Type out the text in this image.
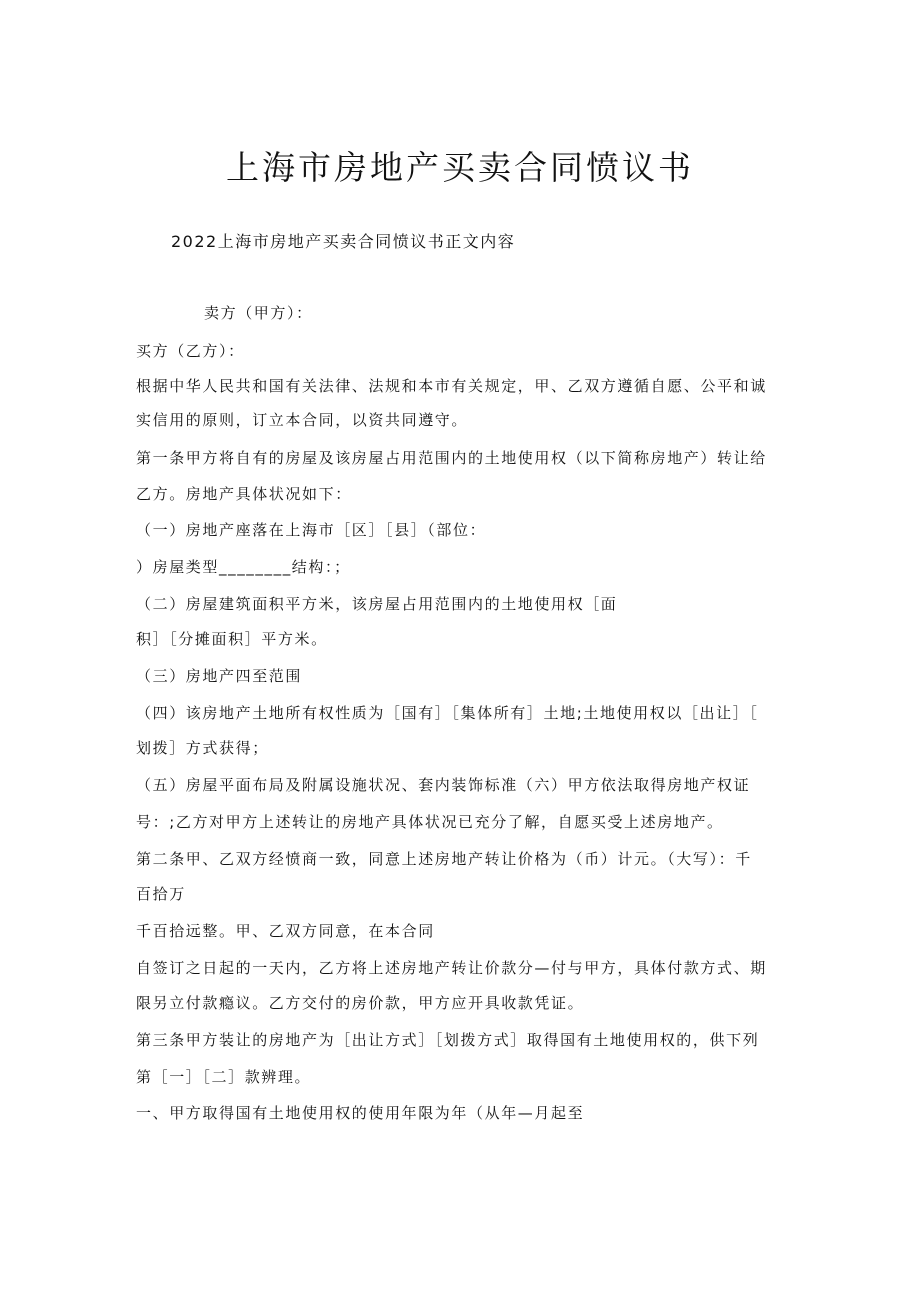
上海市房地产买卖合同愤议书
2022上海市房地产买卖合同愤议书正文内容
卖方（甲方）：
买方（乙方）：
根据中华人民共和国有关法律、法规和本市有关规定，甲、乙双方遵循自愿、公平和诚
实信用的原则，订立本合同，以资共同遵守。
第一条甲方将自有的房屋及该房屋占用范围内的土地使用权（以下简称房地产）转让给
乙方。房地产具体状况如下：
（一）房地产座落在上海市［区］［县］（部位：
）房屋类型________结构：；
（二）房屋建筑面积平方米，该房屋占用范围内的土地使用权［面
积］［分摊面积］平方米。
（三）房地产四至范围
（四）该房地产土地所有权性质为［国有］［集体所有］土地;土地使用权以［出让］［
划拨］方式获得；
（五）房屋平面布局及附属设施状况、套内装饰标准（六）甲方依法取得房地产权证
号：;乙方对甲方上述转让的房地产具体状况已充分了解，自愿买受上述房地产。
第二条甲、乙双方经愤商一致，同意上述房地产转让价格为（币）计元。（大写）：千
百拾万
千百拾远整。甲、乙双方同意，在本合同
自签订之日起的一天内，乙方将上述房地产转让价款分—付与甲方，具体付款方式、期
限另立付款瘾议。乙方交付的房价款，甲方应开具收款凭证。
第三条甲方装让的房地产为［出让方式］［划拨方式］取得国有土地使用权的，供下列
第［一］［二］款辨理。
一、甲方取得国有土地使用权的使用年限为年（从年—月起至
